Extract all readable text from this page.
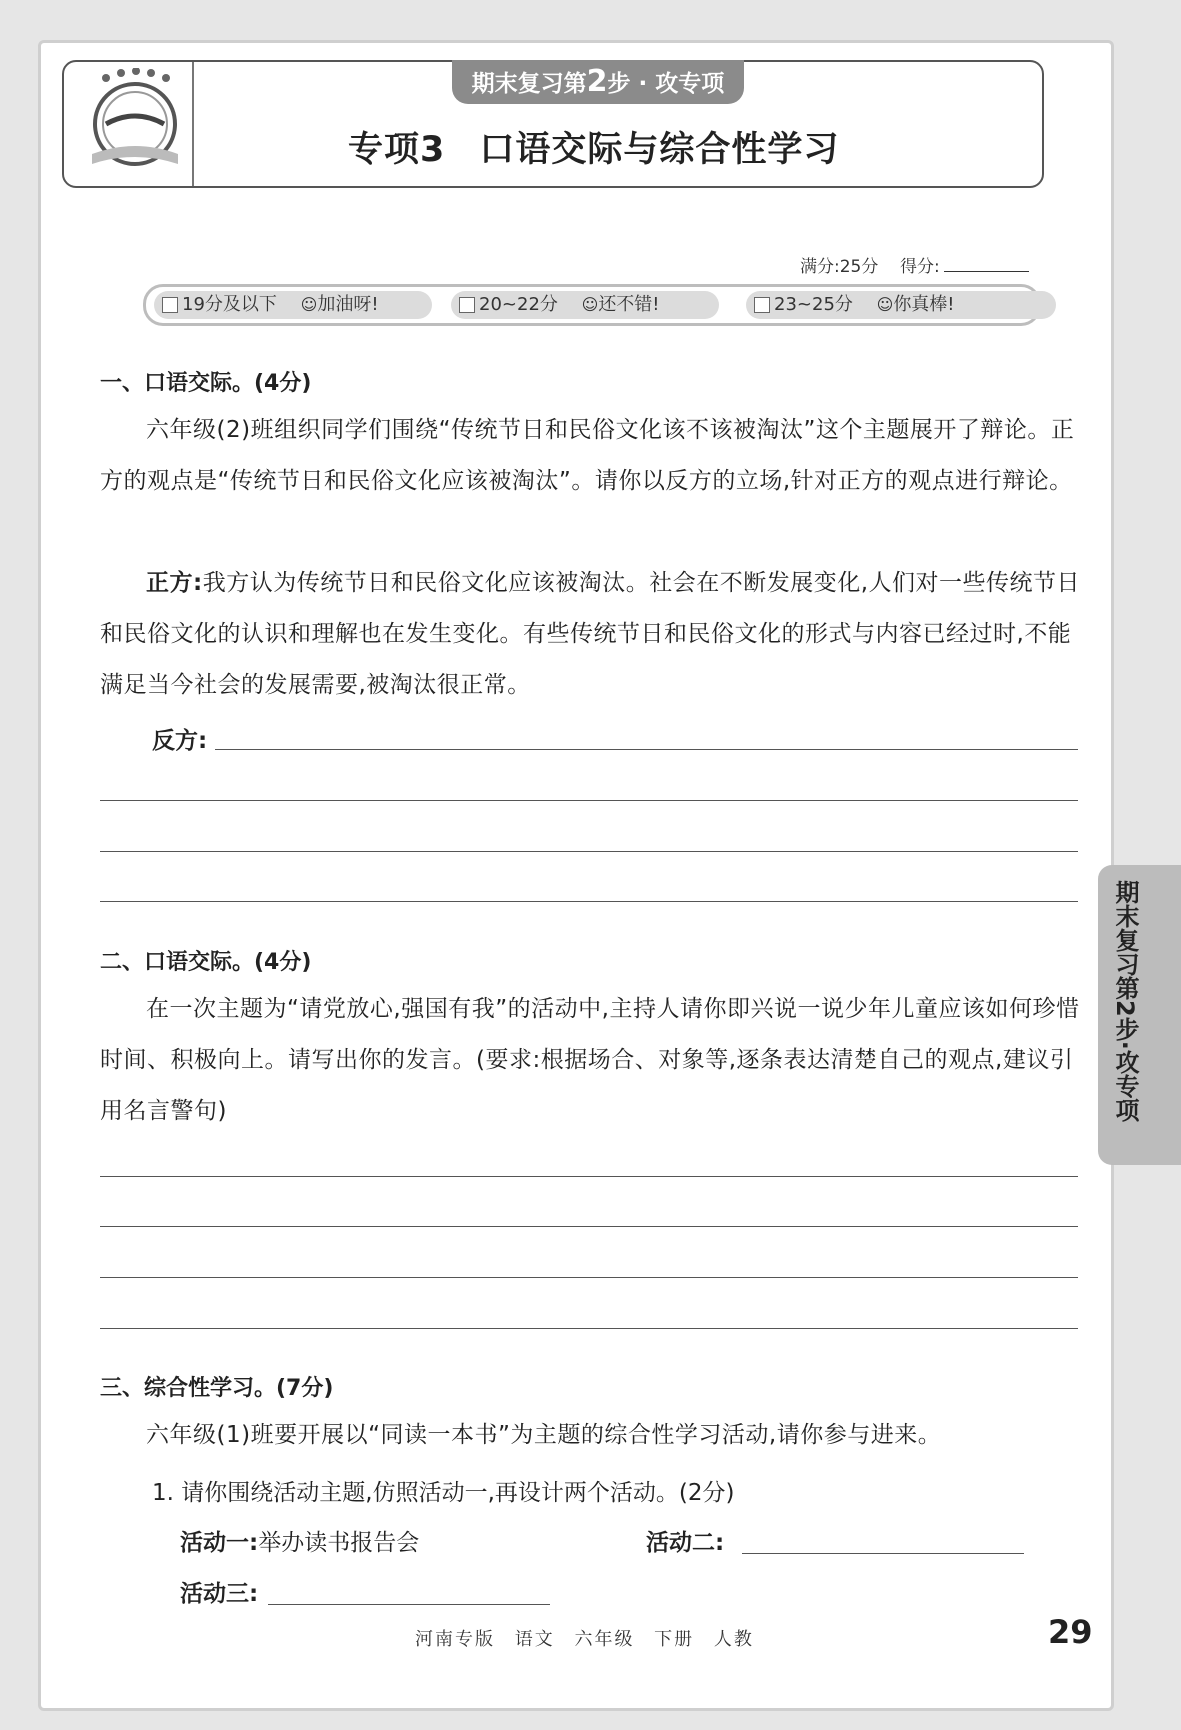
期末复习第2步 · 攻专项
专项3 口语交际与综合性学习
满分:25分 得分:
19分及以下 ☺加油呀!	20~22分 ☺还不错!	23~25分 ☺你真棒!
一、口语交际。(4分)
六年级(2)班组织同学们围绕“传统节日和民俗文化该不该被淘汰”这个主题展开了辩论。正方的观点是“传统节日和民俗文化应该被淘汰”。请你以反方的立场,针对正方的观点进行辩论。
正方:我方认为传统节日和民俗文化应该被淘汰。社会在不断发展变化,人们对一些传统节日和民俗文化的认识和理解也在发生变化。有些传统节日和民俗文化的形式与内容已经过时,不能满足当今社会的发展需要,被淘汰很正常。
反方:
二、口语交际。(4分)
在一次主题为“请党放心,强国有我”的活动中,主持人请你即兴说一说少年儿童应该如何珍惜时间、积极向上。请写出你的发言。(要求:根据场合、对象等,逐条表达清楚自己的观点,建议引用名言警句)
三、综合性学习。(7分)
六年级(1)班要开展以“同读一本书”为主题的综合性学习活动,请你参与进来。
1. 请你围绕活动主题,仿照活动一,再设计两个活动。(2分)
活动一:举办读书报告会	活动二:
活动三:
期末复习第2步·攻专项
河南专版 语文 六年级 下册 人教	29
